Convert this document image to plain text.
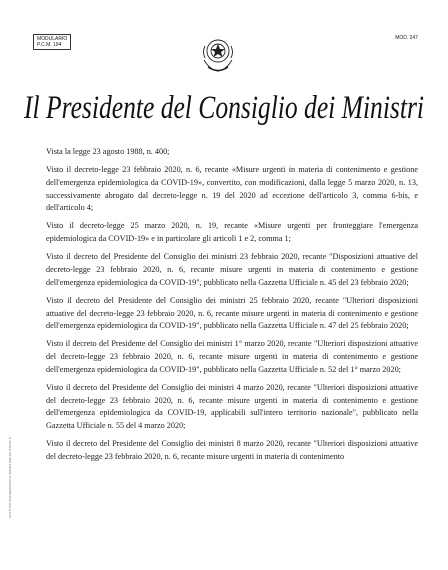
MODULARIO
P.C.M. 194
MOD. 247
Il Presidente del Consiglio dei Ministri
ISTITUTO POLIGRAFICO E ZECCA DELLO STATO S.

Vista la legge 23 agosto 1988, n. 400;

Visto il decreto-legge 23 febbraio 2020, n. 6, recante «Misure urgenti in materia di contenimento e gestione dell'emergenza epidemiologica da COVID-19», convertito, con modificazioni, dalla legge 5 marzo 2020, n. 13, successivamente abrogato dal decreto-legge n. 19 del 2020 ad eccezione dell'articolo 3, comma 6-bis, e dell'articolo 4;

Visto il decreto-legge 25 marzo 2020, n. 19, recante «Misure urgenti per fronteggiare l'emergenza epidemiologica da COVID-19» e in particolare gli articoli 1 e 2, comma 1;

Visto il decreto del Presidente del Consiglio dei ministri 23 febbraio 2020, recante "Disposizioni attuative del decreto-legge 23 febbraio 2020, n. 6, recante misure urgenti in materia di contenimento e gestione dell'emergenza epidemiologica da COVID-19", pubblicato nella Gazzetta Ufficiale n. 45 del 23 febbraio 2020;

Visto il decreto del Presidente del Consiglio dei ministri 25 febbraio 2020, recante "Ulteriori disposizioni attuative del decreto-legge 23 febbraio 2020, n. 6, recante misure urgenti in materia di contenimento e gestione dell'emergenza epidemiologica da COVID-19", pubblicato nella Gazzetta Ufficiale n. 47 del 25 febbraio 2020;

Visto il decreto del Presidente del Consiglio dei ministri 1° marzo 2020, recante "Ulteriori disposizioni attuative del decreto-legge 23 febbraio 2020, n. 6, recante misure urgenti in materia di contenimento e gestione dell'emergenza epidemiologica da COVID-19", pubblicato nella Gazzetta Ufficiale n. 52 del 1° marzo 2020;

Visto il decreto del Presidente del Consiglio dei ministri 4 marzo 2020, recante "Ulteriori disposizioni attuative del decreto-legge 23 febbraio 2020, n. 6, recante misure urgenti in materia di contenimento e gestione dell'emergenza epidemiologica da COVID-19, applicabili sull'intero territorio nazionale", pubblicato nella Gazzetta Ufficiale n. 55 del 4 marzo 2020;

Visto il decreto del Presidente del Consiglio dei ministri 8 marzo 2020, recante "Ulteriori disposizioni attuative del decreto-legge 23 febbraio 2020, n. 6, recante misure urgenti in materia di contenimento
